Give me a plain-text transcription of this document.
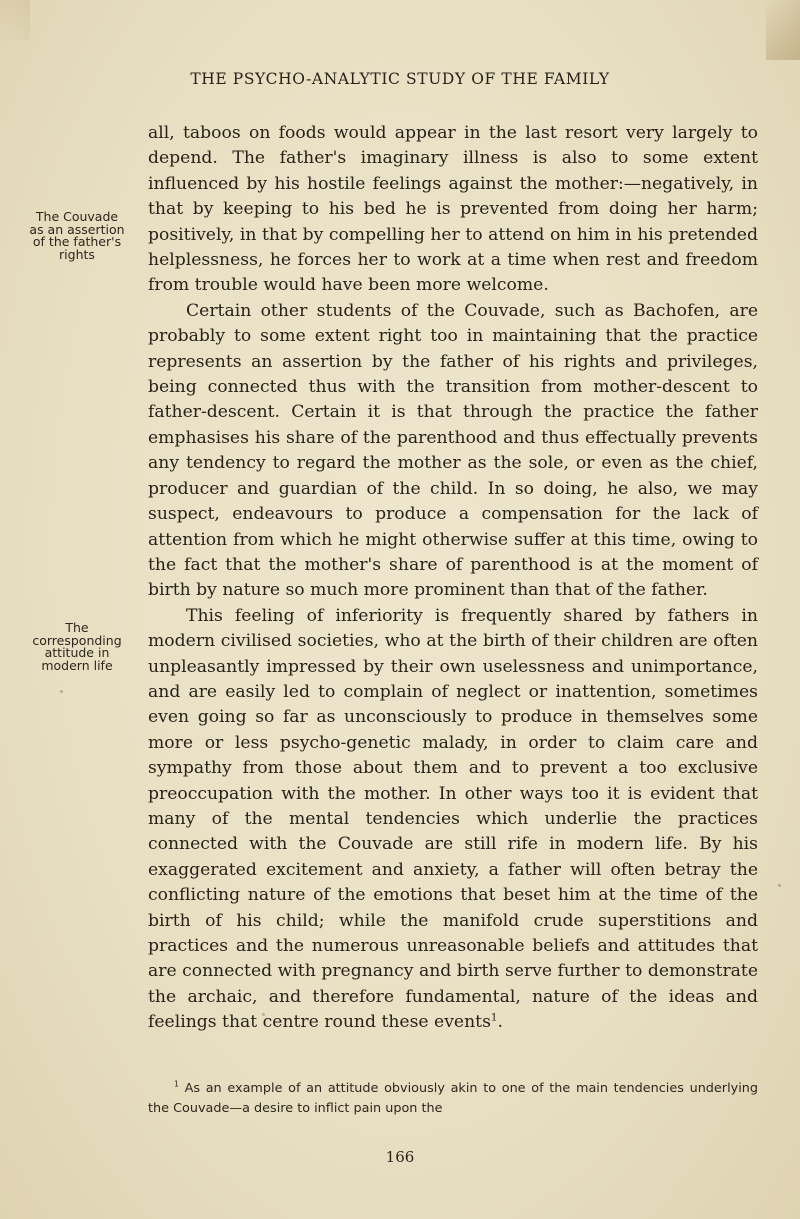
THE PSYCHO-ANALYTIC STUDY OF THE FAMILY
The Couvade
as an assertion
of the father's
rights
The
corresponding
attitude in
modern life

all, taboos on foods would appear in the last resort very largely to depend. The father's imaginary illness is also to some extent influenced by his hostile feelings against the mother:—negatively, in that by keeping to his bed he is prevented from doing her harm; positively, in that by compelling her to attend on him in his pretended helplessness, he forces her to work at a time when rest and freedom from trouble would have been more welcome.

Certain other students of the Couvade, such as Bachofen, are probably to some extent right too in maintaining that the practice represents an assertion by the father of his rights and privileges, being connected thus with the transition from mother-descent to father-descent. Certain it is that through the practice the father emphasises his share of the parenthood and thus effectually prevents any tendency to regard the mother as the sole, or even as the chief, producer and guardian of the child. In so doing, he also, we may suspect, endeavours to produce a compensation for the lack of attention from which he might otherwise suffer at this time, owing to the fact that the mother's share of parenthood is at the moment of birth by nature so much more prominent than that of the father.

This feeling of inferiority is frequently shared by fathers in modern civilised societies, who at the birth of their children are often unpleasantly impressed by their own uselessness and unimportance, and are easily led to complain of neglect or inattention, sometimes even going so far as unconsciously to produce in themselves some more or less psycho-genetic malady, in order to claim care and sympathy from those about them and to prevent a too exclusive preoccupation with the mother. In other ways too it is evident that many of the mental tendencies which underlie the practices connected with the Couvade are still rife in modern life. By his exaggerated excitement and anxiety, a father will often betray the conflicting nature of the emotions that beset him at the time of the birth of his child; while the manifold crude superstitions and practices and the numerous unreasonable beliefs and attitudes that are connected with pregnancy and birth serve further to demonstrate the archaic, and therefore fundamental, nature of the ideas and feelings that centre round these events$^1$.

$^1$ As an example of an attitude obviously akin to one of the main tendencies underlying the Couvade—a desire to inflict pain upon the

166
